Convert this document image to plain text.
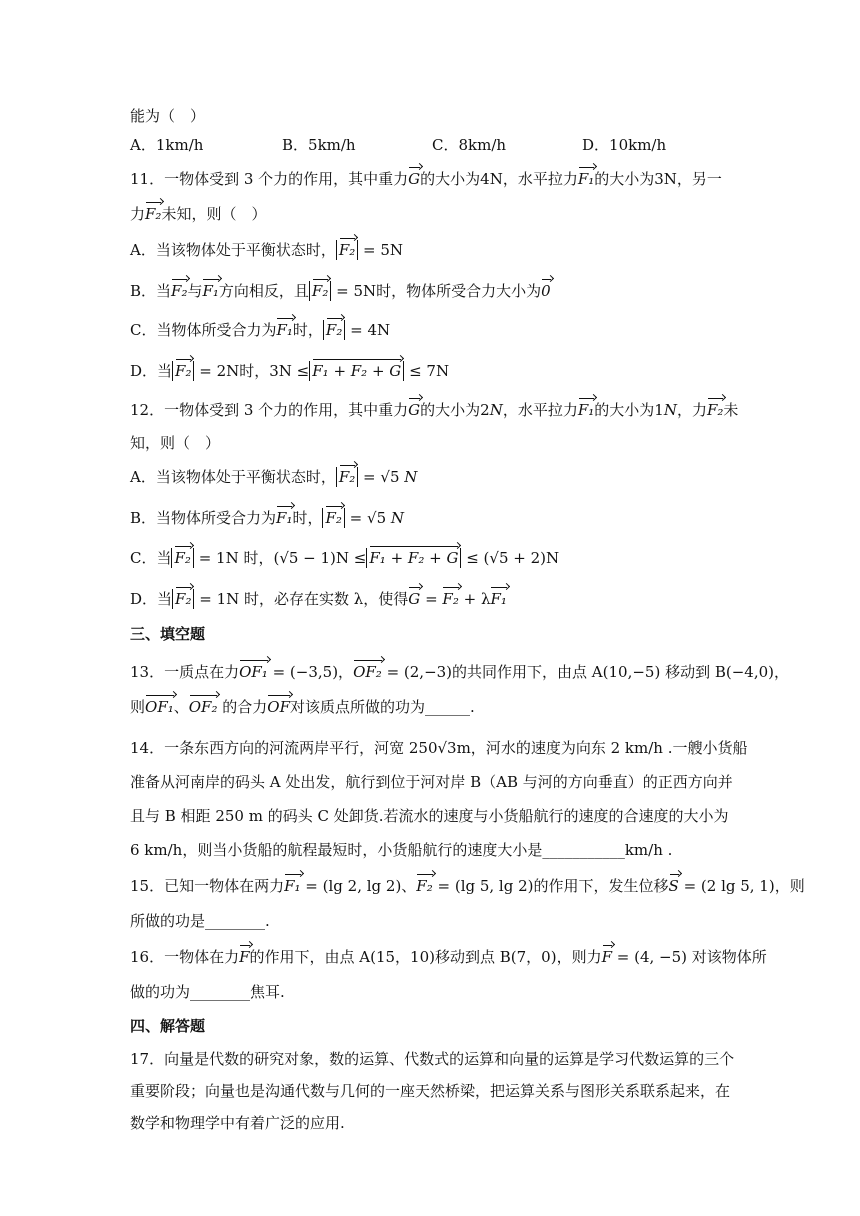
能为（　）
A．1km/h	B．5km/h	C．8km/h	D．10km/h
11．一物体受到 3 个力的作用，其中重力G的大小为4N，水平拉力F₁的大小为3N，另一
力F₂未知，则（　）
A．当该物体处于平衡状态时， F₂ = 5N
B．当F₂与F₁方向相反，且 F₂ = 5N时，物体所受合力大小为0
C．当物体所受合力为F₁时， F₂ = 4N
D．当 F₂ = 2N时，3N ≤ F₁ + F₂ + G ≤ 7N
12．一物体受到 3 个力的作用，其中重力G的大小为2N，水平拉力F₁的大小为1N，力F₂未
知，则（　）
A．当该物体处于平衡状态时， F₂ = √5 N
B．当物体所受合力为F₁时， F₂ = √5 N
C．当 F₂ = 1N 时，(√5 − 1)N ≤ F₁ + F₂ + G ≤ (√5 + 2)N
D．当 F₂ = 1N 时，必存在实数 λ，使得G = F₂ + λF₁
三、填空题
13．一质点在力OF₁ = (−3,5)，OF₂ = (2,−3)的共同作用下，由点 A(10,−5) 移动到 B(−4,0)，
则OF₁、OF₂ 的合力OF对该质点所做的功为______.
14．一条东西方向的河流两岸平行，河宽 250√3m，河水的速度为向东 2 km/h .一艘小货船
准备从河南岸的码头 A 处出发，航行到位于河对岸 B（AB 与河的方向垂直）的正西方向并
且与 B 相距 250 m 的码头 C 处卸货.若流水的速度与小货船航行的速度的合速度的大小为
6 km/h，则当小货船的航程最短时，小货船航行的速度大小是___________km/h .
15．已知一物体在两力F₁ = (lg 2, lg 2)、F₂ = (lg 5, lg 2)的作用下，发生位移S = (2 lg 5, 1)，则
所做的功是________.
16．一物体在力F的作用下，由点 A(15，10)移动到点 B(7，0)，则力F = (4, −5) 对该物体所
做的功为________焦耳.
四、解答题
17．向量是代数的研究对象，数的运算、代数式的运算和向量的运算是学习代数运算的三个
重要阶段；向量也是沟通代数与几何的一座天然桥梁，把运算关系与图形关系联系起来，在
数学和物理学中有着广泛的应用.
